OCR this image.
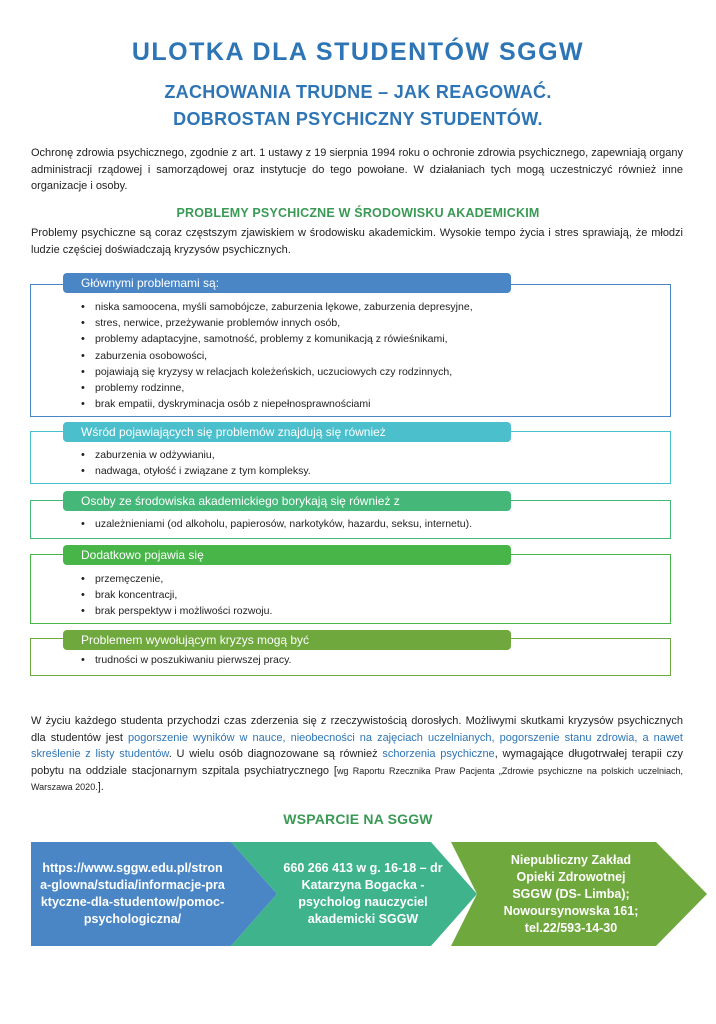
ULOTKA DLA STUDENTÓW SGGW
ZACHOWANIA TRUDNE – JAK REAGOWAĆ.
DOBROSTAN PSYCHICZNY STUDENTÓW.
Ochronę zdrowia psychicznego, zgodnie z art. 1 ustawy z 19 sierpnia 1994 roku o ochronie zdrowia psychicznego, zapewniają organy administracji rządowej i samorządowej oraz instytucje do tego powołane. W działaniach tych mogą uczestniczyć również inne organizacje i osoby.
PROBLEMY PSYCHICZNE W ŚRODOWISKU AKADEMICKIM
Problemy psychiczne są coraz częstszym zjawiskiem w środowisku akademickim. Wysokie tempo życia i stres sprawiają, że młodzi ludzie częściej doświadczają kryzysów psychicznych.
• niska samoocena, myśli samobójcze, zaburzenia lękowe, zaburzenia depresyjne,
• stres, nerwice, przeżywanie problemów innych osób,
• problemy adaptacyjne, samotność, problemy z komunikacją z rówieśnikami,
• zaburzenia osobowości,
• pojawiają się kryzysy w relacjach koleżeńskich, uczuciowych czy rodzinnych,
• problemy rodzinne,
• brak empatii, dyskryminacja osób z niepełnosprawnościami
Głównymi problemami są:
• zaburzenia w odżywianiu,
• nadwaga, otyłość i związane z tym kompleksy.
Wśród pojawiających się problemów znajdują się również
• uzależnieniami (od alkoholu, papierosów, narkotyków, hazardu, seksu, internetu).
Osoby ze środowiska akademickiego borykają się również z
• przemęczenie,
• brak koncentracji,
• brak perspektyw i możliwości rozwoju.
Dodatkowo pojawia się
• trudności w poszukiwaniu pierwszej pracy.
Problemem wywołującym kryzys mogą być
W życiu każdego studenta przychodzi czas zderzenia się z rzeczywistością dorosłych. Możliwymi skutkami kryzysów psychicznych dla studentów jest pogorszenie wyników w nauce, nieobecności na zajęciach uczelnianych, pogorszenie stanu zdrowia, a nawet skreślenie z listy studentów. U wielu osób diagnozowane są również schorzenia psychiczne, wymagające długotrwałej terapii czy pobytu na oddziale stacjonarnym szpitala psychiatrycznego [wg Raportu Rzecznika Praw Pacjenta „Zdrowie psychiczne na polskich uczelniach, Warszawa 2020.].
WSPARCIE NA SGGW
https://www.sggw.edu.pl/strona-glowna/studia/informacje-praktyczne-dla-studentow/pomoc-psychologiczna/
660 266 413 w g. 16-18 – dr Katarzyna Bogacka - psycholog nauczyciel akademicki SGGW
Niepubliczny Zakład Opieki Zdrowotnej SGGW (DS- Limba); Nowoursynowska 161; tel.22/593-14-30
